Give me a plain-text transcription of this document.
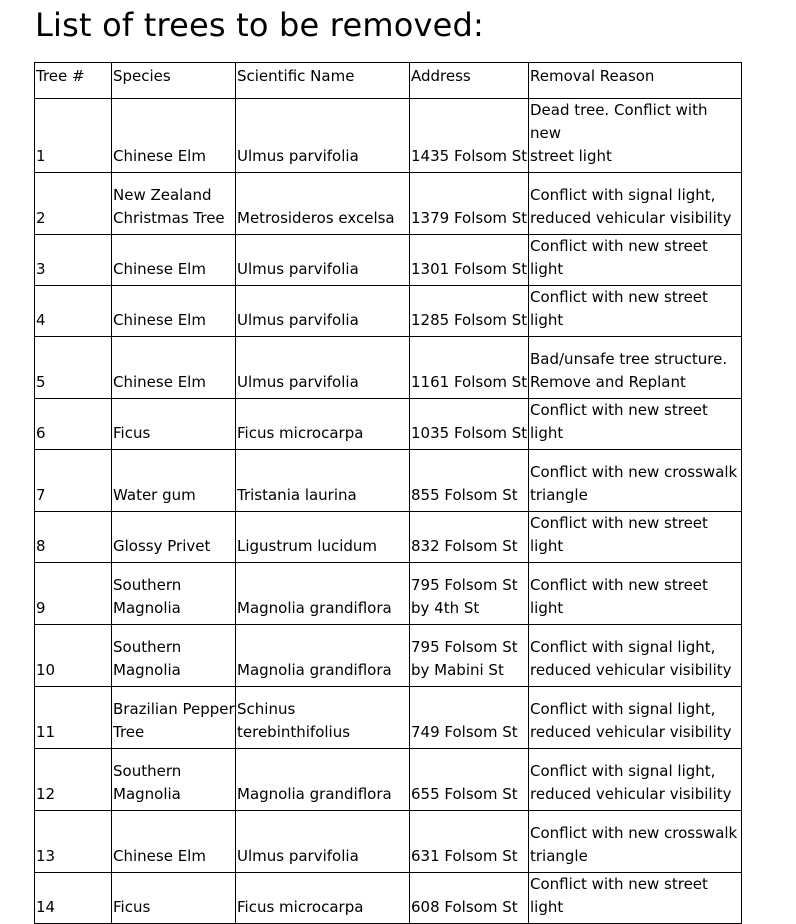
List of trees to be removed:
Tree #	Species	Scientific Name	Address	Removal Reason

1	Chinese Elm	Ulmus parvifolia	1435 Folsom St	Dead tree. Conflict with new
street light

2	New Zealand
Christmas Tree	Metrosideros excelsa	1379 Folsom St	Conflict with signal light,
reduced vehicular visibility

3	Chinese Elm	Ulmus parvifolia	1301 Folsom St	Conflict with new street light

4	Chinese Elm	Ulmus parvifolia	1285 Folsom St	Conflict with new street light

5	Chinese Elm	Ulmus parvifolia	1161 Folsom St	Bad/unsafe tree structure.
Remove and Replant

6	Ficus	Ficus microcarpa	1035 Folsom St	Conflict with new street light

7	Water gum	Tristania laurina	855 Folsom St	Conflict with new crosswalk
triangle

8	Glossy Privet	Ligustrum lucidum	832 Folsom St	Conflict with new street light

9	Southern
Magnolia	Magnolia grandiflora	795 Folsom St
by 4th St	Conflict with new street light

10	Southern
Magnolia	Magnolia grandiflora	795 Folsom St
by Mabini St	Conflict with signal light,
reduced vehicular visibility

11	Brazilian Pepper
Tree	Schinus terebinthifolius	749 Folsom St	Conflict with signal light,
reduced vehicular visibility

12	Southern
Magnolia	Magnolia grandiflora	655 Folsom St	Conflict with signal light,
reduced vehicular visibility

13	Chinese Elm	Ulmus parvifolia	631 Folsom St	Conflict with new crosswalk
triangle

14	Ficus	Ficus microcarpa	608 Folsom St	Conflict with new street light
